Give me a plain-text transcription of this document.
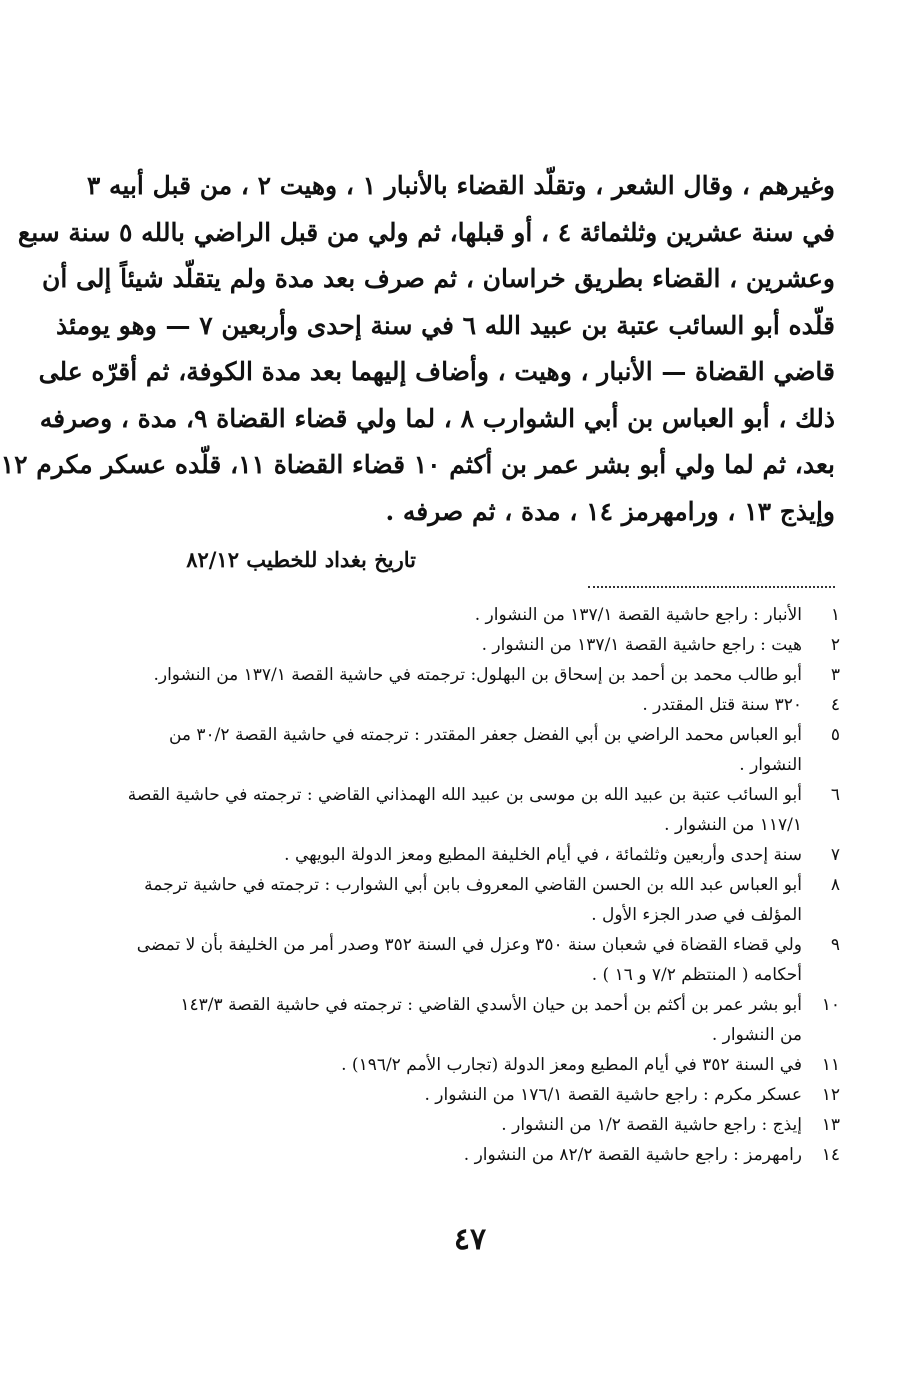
وغيرهم ، وقال الشعر ، وتقلّد القضاء بالأنبار ١ ، وهيت ٢ ، من قبل أبيه ٣
في سنة عشرين وثلثمائة ٤ ، أو قبلها، ثم ولي من قبل الراضي بالله ٥ سنة سبع
وعشرين ، القضاء بطريق خراسان ، ثم صرف بعد مدة ولم يتقلّد شيئاً إلى أن
قلّده أبو السائب عتبة بن عبيد الله ٦ في سنة إحدى وأربعين ٧ — وهو يومئذ
قاضي القضاة — الأنبار ، وهيت ، وأضاف إليهما بعد مدة الكوفة، ثم أقرّه على
ذلك ، أبو العباس بن أبي الشوارب ٨ ، لما ولي قضاء القضاة ٩، مدة ، وصرفه
بعد، ثم لما ولي أبو بشر عمر بن أكثم ١٠ قضاء القضاة ١١، قلّده عسكر مكرم ١٢
وإيذج ١٣ ، ورامهرمز ١٤ ، مدة ، ثم صرفه .
تاريخ بغداد للخطيب ٨٢/١٢
١
الأنبار : راجع حاشية القصة ١٣٧/١ من النشوار .
٢
هيت : راجع حاشية القصة ١٣٧/١ من النشوار .
٣
أبو طالب محمد بن أحمد بن إسحاق بن البهلول: ترجمته في حاشية القصة ١٣٧/١ من النشوار.
٤
٣٢٠ سنة قتل المقتدر .
٥
أبو العباس محمد الراضي بن أبي الفضل جعفر المقتدر : ترجمته في حاشية القصة ٣٠/٢ من
النشوار .
٦
أبو السائب عتبة بن عبيد الله بن موسى بن عبيد الله الهمذاني القاضي : ترجمته في حاشية القصة
١١٧/١ من النشوار .
٧
سنة إحدى وأربعين وثلثمائة ، في أيام الخليفة المطيع ومعز الدولة البويهي .
٨
أبو العباس عبد الله بن الحسن القاضي المعروف بابن أبي الشوارب : ترجمته في حاشية ترجمة
المؤلف في صدر الجزء الأول .
٩
ولي قضاء القضاة في شعبان سنة ٣٥٠ وعزل في السنة ٣٥٢ وصدر أمر من الخليفة بأن لا تمضى
أحكامه ( المنتظم ٧/٢ و ١٦ ) .
١٠
أبو بشر عمر بن أكثم بن أحمد بن حيان الأسدي القاضي : ترجمته في حاشية القصة ١٤٣/٣
من النشوار .
١١
في السنة ٣٥٢ في أيام المطيع ومعز الدولة (تجارب الأمم ١٩٦/٢) .
١٢
عسكر مكرم : راجع حاشية القصة ١٧٦/١ من النشوار .
١٣
إيذج : راجع حاشية القصة ١/٢ من النشوار .
١٤
رامهرمز : راجع حاشية القصة ٨٢/٢ من النشوار .
٤٧
